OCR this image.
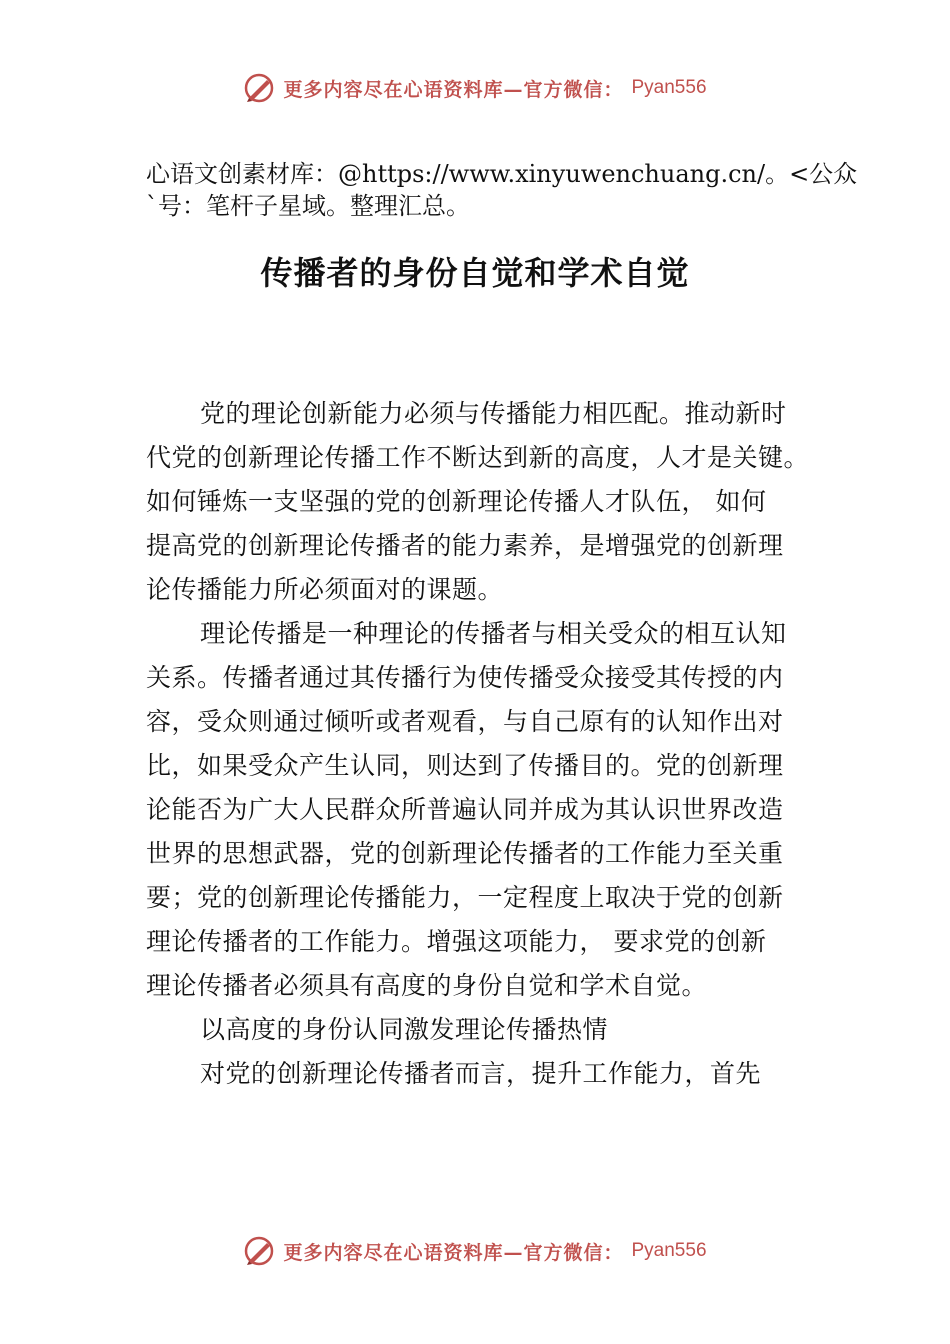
更多内容尽在心语资料库—官方微信： Pyan556
心语文创素材库：@https://www.xinyuwenchuang.cn/。<公众`号：笔杆子星域。整理汇总。
传播者的身份自觉和学术自觉
党的理论创新能力必须与传播能力相匹配。推动新时
代党的创新理论传播工作不断达到新的高度，人才是关键。
如何锤炼一支坚强的党的创新理论传播人才队伍， 如何
提高党的创新理论传播者的能力素养，是增强党的创新理
论传播能力所必须面对的课题。
理论传播是一种理论的传播者与相关受众的相互认知
关系。传播者通过其传播行为使传播受众接受其传授的内
容，受众则通过倾听或者观看，与自己原有的认知作出对
比，如果受众产生认同，则达到了传播目的。党的创新理
论能否为广大人民群众所普遍认同并成为其认识世界改造
世界的思想武器，党的创新理论传播者的工作能力至关重
要；党的创新理论传播能力，一定程度上取决于党的创新
理论传播者的工作能力。增强这项能力， 要求党的创新
理论传播者必须具有高度的身份自觉和学术自觉。
以高度的身份认同激发理论传播热情
对党的创新理论传播者而言，提升工作能力，首先
更多内容尽在心语资料库—官方微信： Pyan556
